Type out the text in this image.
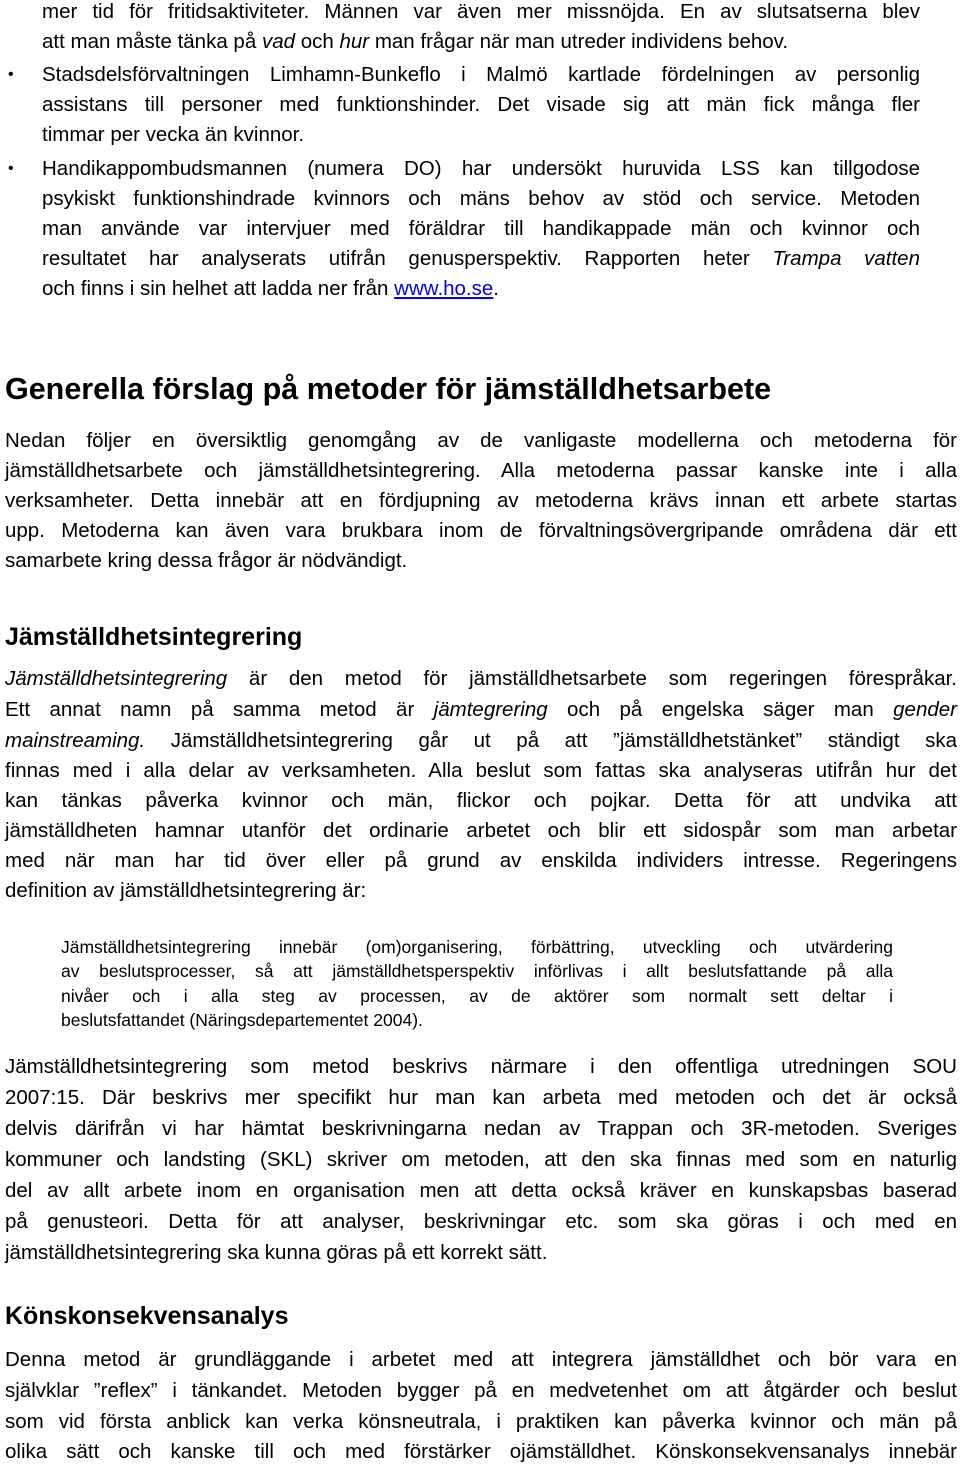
mer tid för fritidsaktiviteter. Männen var även mer missnöjda. En av slutsatserna blev
att man måste tänka på vad och hur man frågar när man utreder individens behov.
• Stadsdelsförvaltningen Limhamn-Bunkeflo i Malmö kartlade fördelningen av personlig
assistans till personer med funktionshinder. Det visade sig att män fick många fler
timmar per vecka än kvinnor.
• Handikappombudsmannen (numera DO) har undersökt huruvida LSS kan tillgodose
psykiskt funktionshindrade kvinnors och mäns behov av stöd och service. Metoden
man använde var intervjuer med föräldrar till handikappade män och kvinnor och
resultatet har analyserats utifrån genusperspektiv. Rapporten heter Trampa vatten
och finns i sin helhet att ladda ner från www.ho.se.
Generella förslag på metoder för jämställdhetsarbete
Nedan följer en översiktlig genomgång av de vanligaste modellerna och metoderna för
jämställdhetsarbete och jämställdhetsintegrering. Alla metoderna passar kanske inte i alla
verksamheter. Detta innebär att en fördjupning av metoderna krävs innan ett arbete startas
upp. Metoderna kan även vara brukbara inom de förvaltningsövergripande områdena där ett
samarbete kring dessa frågor är nödvändigt.
Jämställdhetsintegrering
Jämställdhetsintegrering är den metod för jämställdhetsarbete som regeringen förespråkar.
Ett annat namn på samma metod är jämtegrering och på engelska säger man gender
mainstreaming. Jämställdhetsintegrering går ut på att ”jämställdhetstänket” ständigt ska
finnas med i alla delar av verksamheten. Alla beslut som fattas ska analyseras utifrån hur det
kan tänkas påverka kvinnor och män, flickor och pojkar. Detta för att undvika att
jämställdheten hamnar utanför det ordinarie arbetet och blir ett sidospår som man arbetar
med när man har tid över eller på grund av enskilda individers intresse. Regeringens
definition av jämställdhetsintegrering är:
Jämställdhetsintegrering innebär (om)organisering, förbättring, utveckling och utvärdering
av beslutsprocesser, så att jämställdhetsperspektiv införlivas i allt beslutsfattande på alla
nivåer och i alla steg av processen, av de aktörer som normalt sett deltar i
beslutsfattandet (Näringsdepartementet 2004).
Jämställdhetsintegrering som metod beskrivs närmare i den offentliga utredningen SOU
2007:15. Där beskrivs mer specifikt hur man kan arbeta med metoden och det är också
delvis därifrån vi har hämtat beskrivningarna nedan av Trappan och 3R-metoden. Sveriges
kommuner och landsting (SKL) skriver om metoden, att den ska finnas med som en naturlig
del av allt arbete inom en organisation men att detta också kräver en kunskapsbas baserad
på genusteori. Detta för att analyser, beskrivningar etc. som ska göras i och med en
jämställdhetsintegrering ska kunna göras på ett korrekt sätt.
Könskonsekvensanalys
Denna metod är grundläggande i arbetet med att integrera jämställdhet och bör vara en
självklar ”reflex” i tänkandet. Metoden bygger på en medvetenhet om att åtgärder och beslut
som vid första anblick kan verka könsneutrala, i praktiken kan påverka kvinnor och män på
olika sätt och kanske till och med förstärker ojämställdhet. Könskonsekvensanalys innebär
